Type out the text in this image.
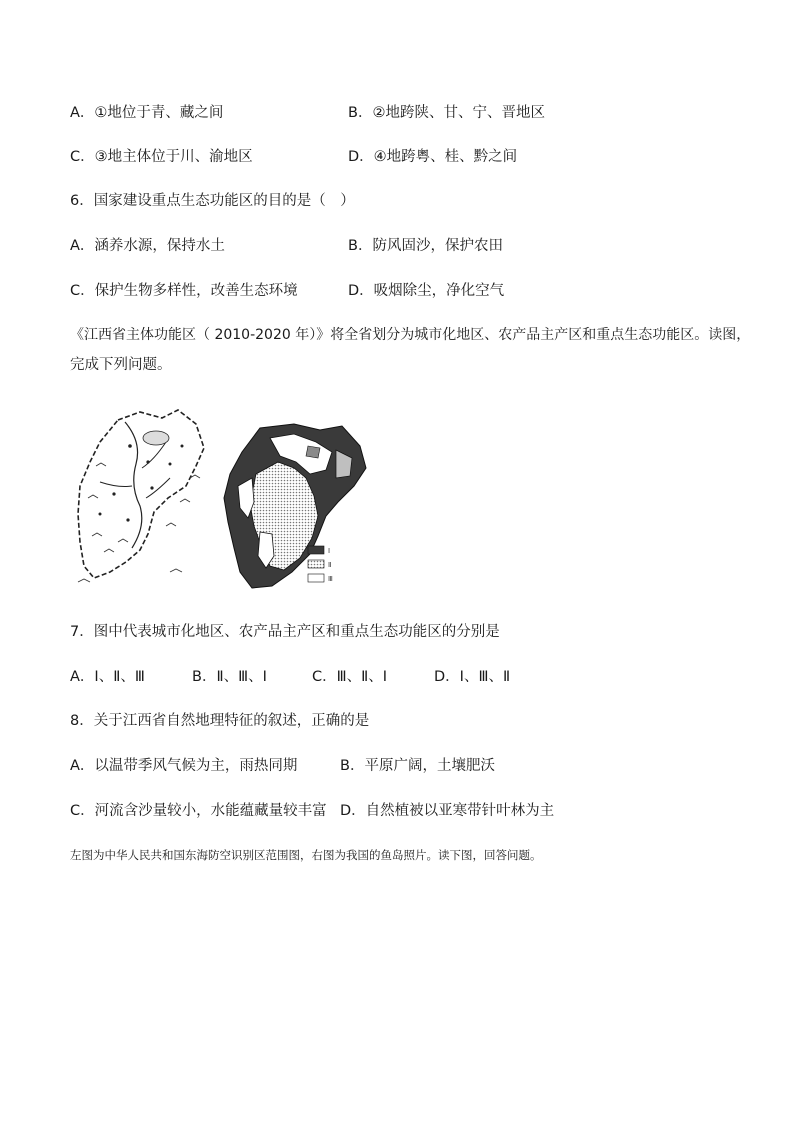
A．①地位于青、藏之间	B．②地跨陕、甘、宁、晋地区
C．③地主体位于川、渝地区	D．④地跨粤、桂、黔之间
6．国家建设重点生态功能区的目的是（　）
A．涵养水源，保持水土	B．防风固沙，保护农田
C．保护生物多样性，改善生态环境	D．吸烟除尘，净化空气
《江西省主体功能区（ 2010-2020 年）》将全省划分为城市化地区、农产品主产区和重点生态功能区。读图，
完成下列问题。
Ⅰ
Ⅱ
Ⅲ
7．图中代表城市化地区、农产品主产区和重点生态功能区的分别是
A．Ⅰ、Ⅱ、Ⅲ	B．Ⅱ、Ⅲ、Ⅰ	C．Ⅲ、Ⅱ、Ⅰ	D．Ⅰ、Ⅲ、Ⅱ
8．关于江西省自然地理特征的叙述，正确的是
A．以温带季风气候为主，雨热同期	B．平原广阔，土壤肥沃
C．河流含沙量较小，水能蕴藏量较丰富 D．自然植被以亚寒带针叶林为主
左图为中华人民共和国东海防空识别区范围图，右图为我国的鱼岛照片。读下图，回答问题。
